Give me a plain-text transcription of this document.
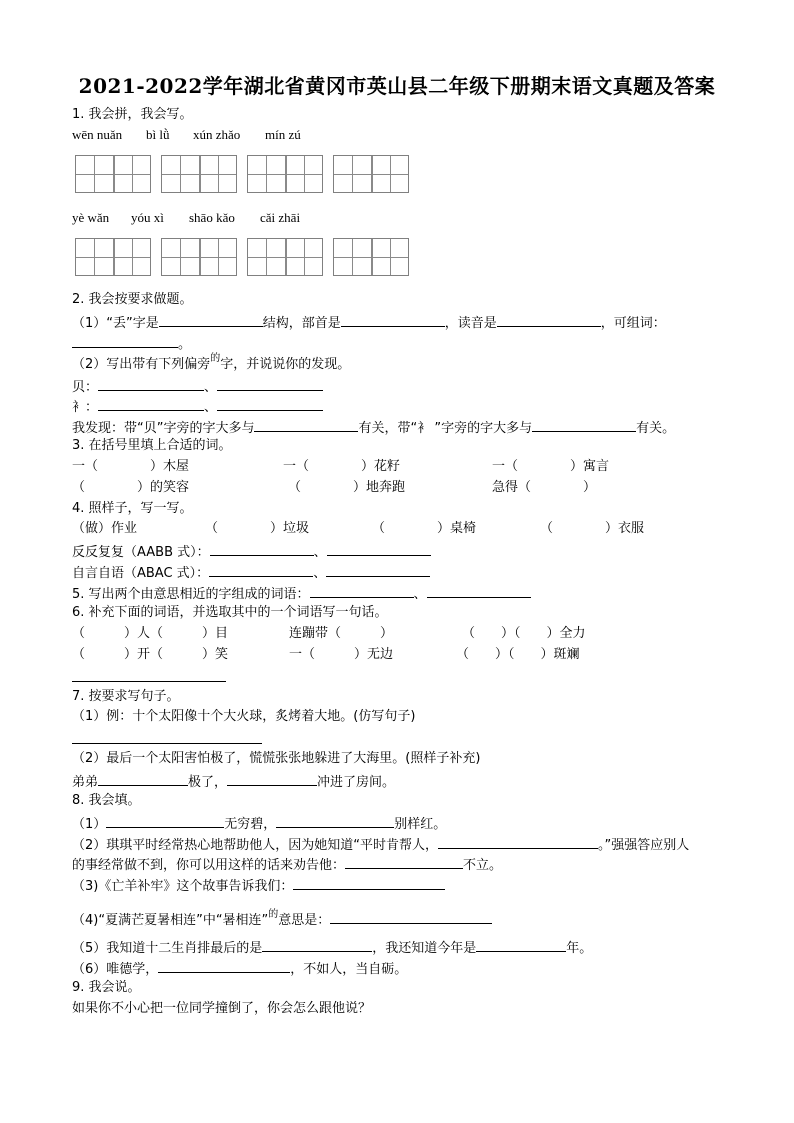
2021-2022学年湖北省黄冈市英山县二年级下册期末语文真题及答案
1. 我会拼，我会写。
wēn nuǎn bì lǜ xún zhǎo mín zú
yè wǎn yóu xì shāo kǎo cǎi zhāi
2. 我会按要求做题。
（1）“丢”字是	结构，部首是	，读音是	，可组词：
。
（2）写出带有下列偏旁$^的$字，并说说你的发现。
贝：	、
衤：	、
我发现：带“贝”字旁的字大多与	有关，带“衤 ”字旁的字大多与	有关。
3. 在括号里填上合适的词。
一（　　　　）木屋	一（　　　　）花籽	一（　　　　）寓言
（　　　　）的笑容	（　　　　）地奔跑	急得（　　　　）
4. 照样子，写一写。
（做）作业	（　　　　）垃圾	（　　　　）桌椅	（　　　　）衣服
反反复复（AABB 式）：	、
自言自语（ABAC 式）：	、
5. 写出两个由意思相近的字组成的词语：	、
6. 补充下面的词语，并选取其中的一个词语写一句话。
（　　　）人（　　　）目	连蹦带（　　　）	（　　）（　　）全力
（　　　）开（　　　）笑	一（　　　）无边	（　　）（　　）斑斓
7. 按要求写句子。
（1）例：十个太阳像十个大火球，炙烤着大地。(仿写句子)
（2）最后一个太阳害怕极了，慌慌张张地躲进了大海里。(照样子补充)
弟弟	极了，	冲进了房间。
8. 我会填。
（1）	无穷碧，	别样红。
（2）琪琪平时经常热心地帮助他人，因为她知道“平时肯帮人，	。”强强答应别人
的事经常做不到，你可以用这样的话来劝告他：	不立。
（3)《亡羊补牢》这个故事告诉我们：
（4)“夏满芒夏暑相连”中“暑相连”$^的$意思是：
（5）我知道十二生肖排最后的是	，我还知道今年是	年。
（6）唯德学，	，不如人，当自砺。
9. 我会说。
如果你不小心把一位同学撞倒了，你会怎么跟他说？
